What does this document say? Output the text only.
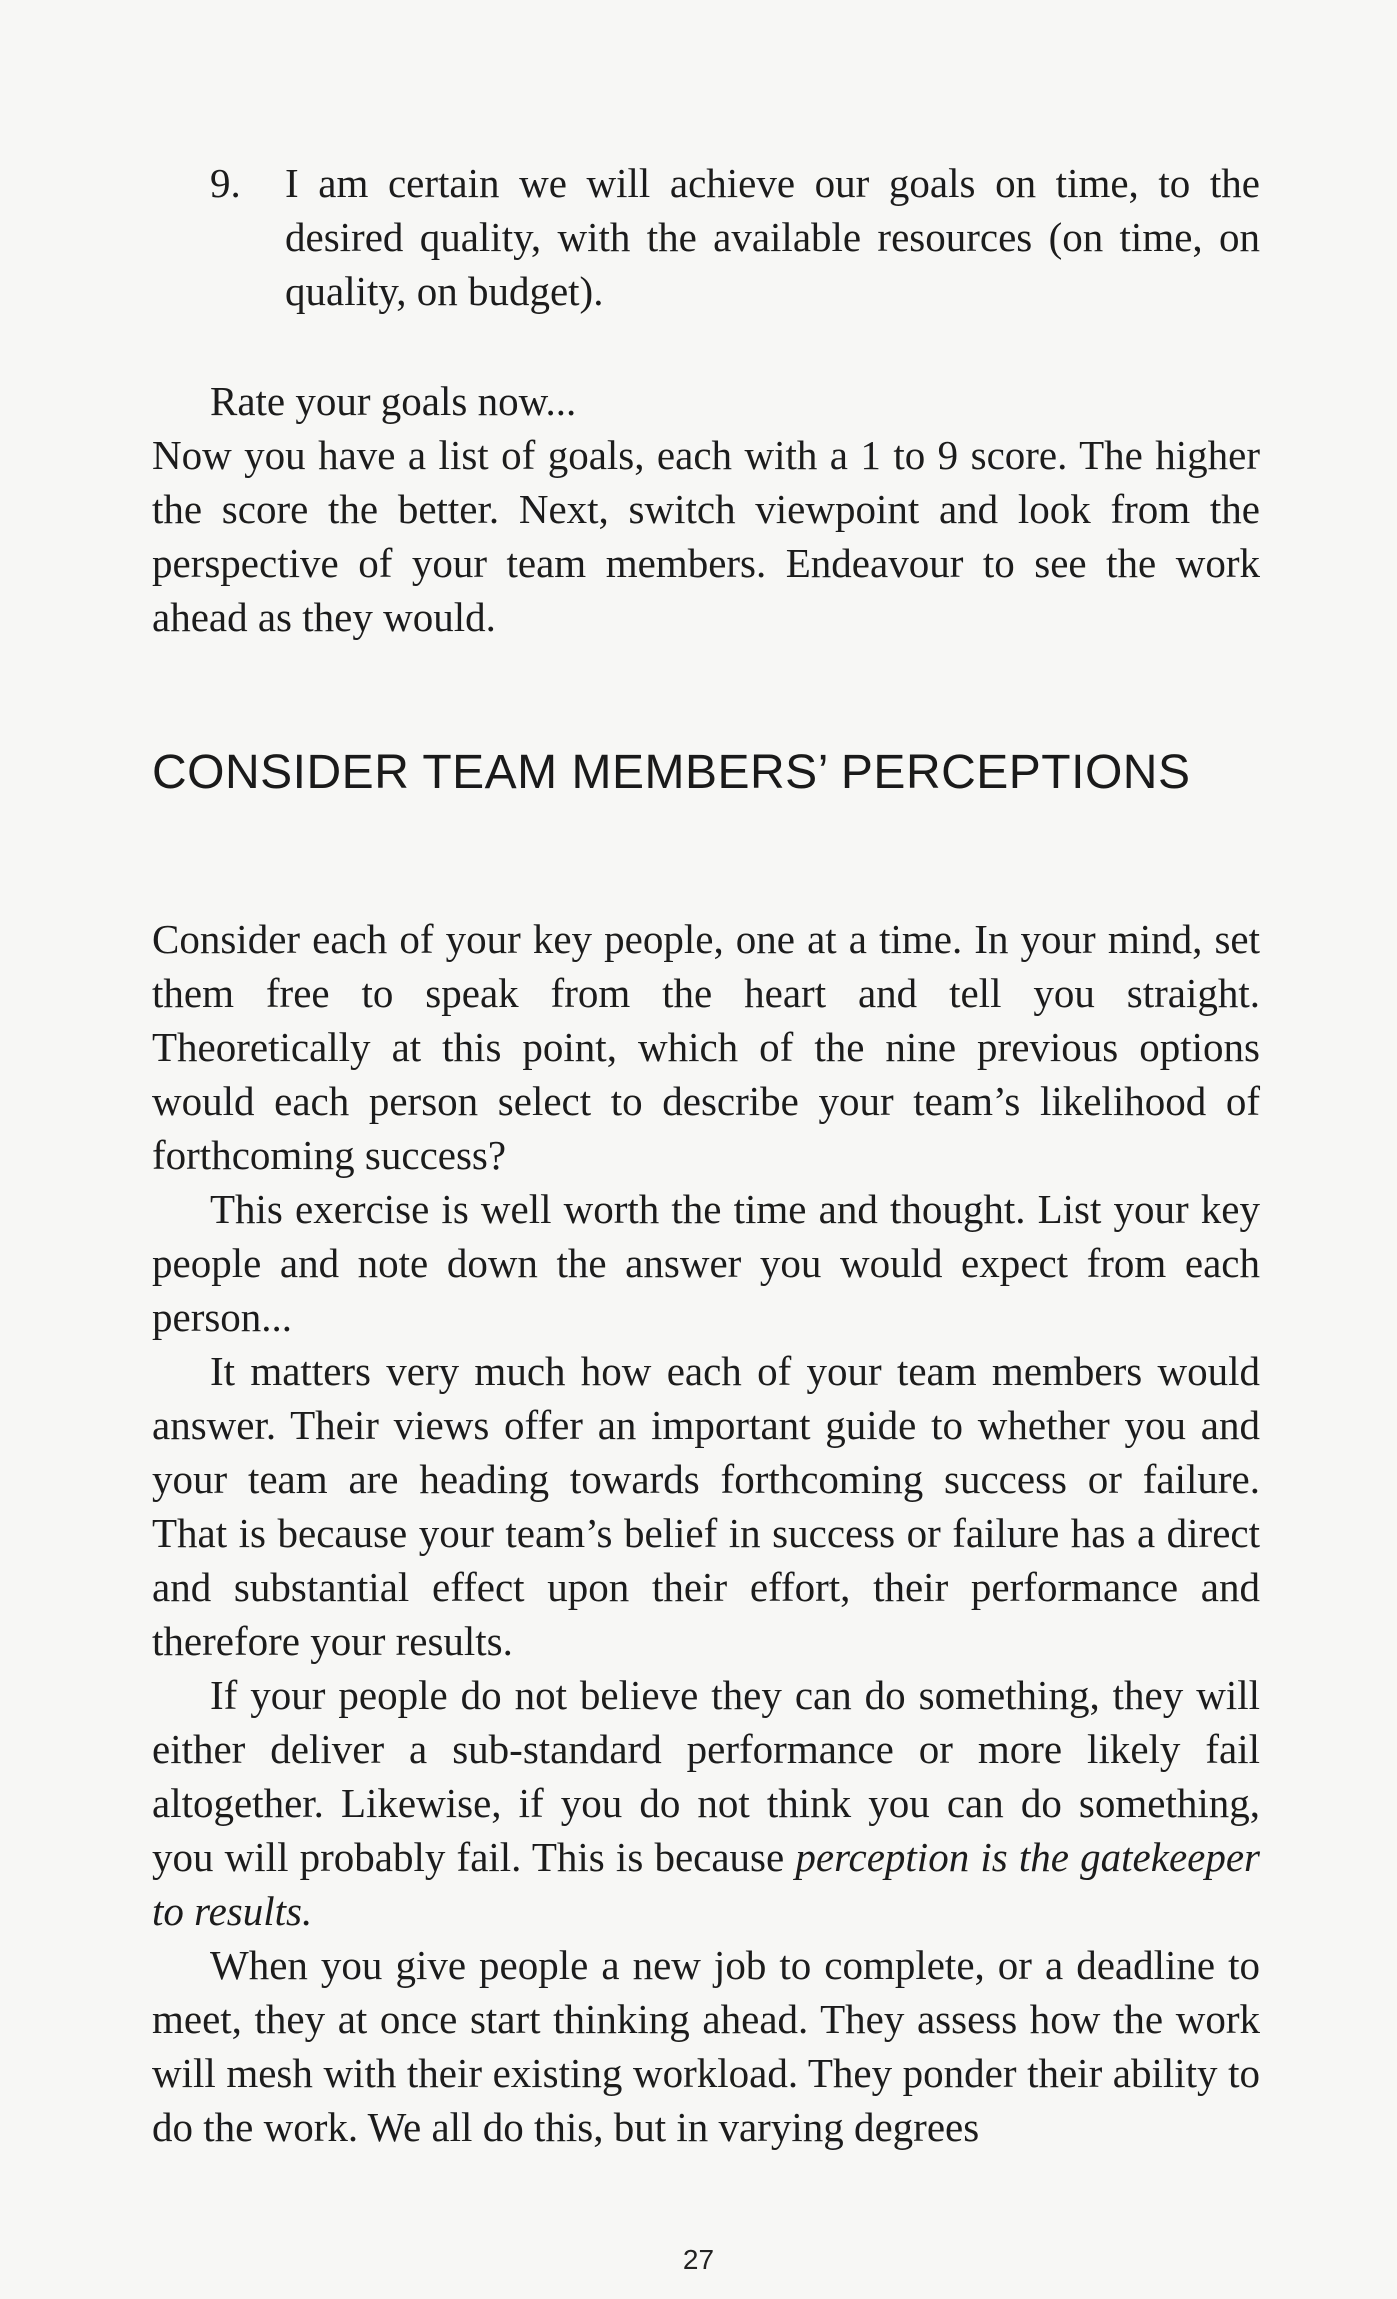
9. I am certain we will achieve our goals on time, to the desired quality, with the available resources (on time, on quality, on budget).

Rate your goals now...

Now you have a list of goals, each with a 1 to 9 score. The higher the score the better. Next, switch viewpoint and look from the perspective of your team members. Endeavour to see the work ahead as they would.

CONSIDER TEAM MEMBERS’ PERCEPTIONS

Consider each of your key people, one at a time. In your mind, set them free to speak from the heart and tell you straight. Theoretically at this point, which of the nine previous options would each person select to describe your team’s likelihood of forthcoming success?

This exercise is well worth the time and thought. List your key people and note down the answer you would expect from each person...

It matters very much how each of your team members would answer. Their views offer an important guide to whether you and your team are heading towards forthcoming success or failure. That is because your team’s belief in success or failure has a direct and substantial effect upon their effort, their performance and therefore your results.

If your people do not believe they can do something, they will either deliver a sub-standard performance or more likely fail altogether. Likewise, if you do not think you can do something, you will probably fail. This is because perception is the gatekeeper to results.

When you give people a new job to complete, or a deadline to meet, they at once start thinking ahead. They assess how the work will mesh with their existing workload. They ponder their ability to do the work. We all do this, but in varying degrees

27
